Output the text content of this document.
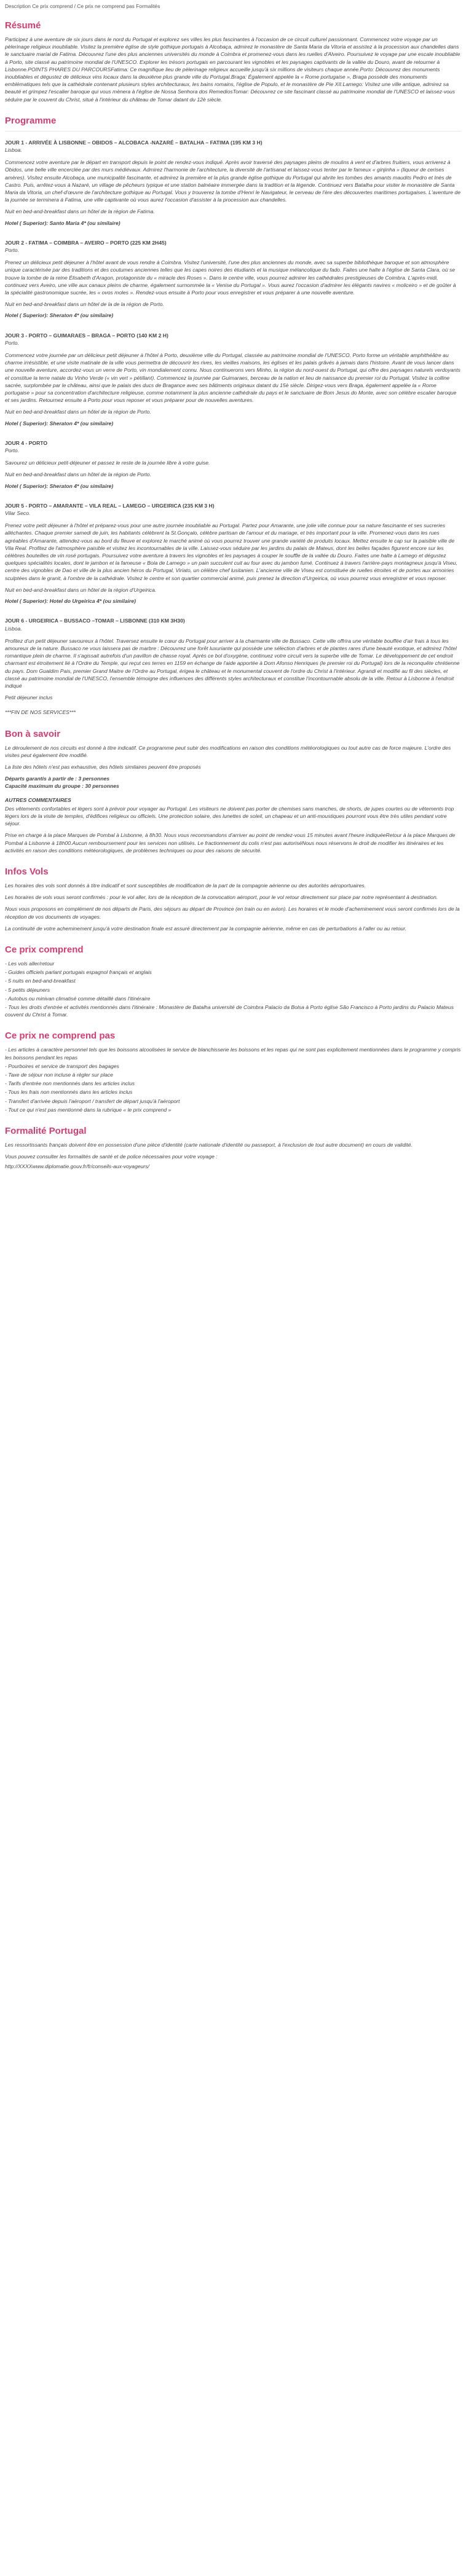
Description Ce prix comprend / Ce prix ne comprend pas Formalités
Résumé

Participez à une aventure de six jours dans le nord du Portugal et explorez ses villes les plus fascinantes à l'occasion de ce circuit culturel passionnant. Commencez votre voyage par un pèlerinage religieux inoubliable. Visitez la première église de style gothique portugais à Alcobaça, admirez le monastère de Santa Maria da Vitoria et assistez à la procession aux chandelles dans le sanctuaire marial de Fatima. Découvrez l'une des plus anciennes universités du monde à Coimbra et promenez-vous dans les ruelles d'Alveiro. Poursuivez le voyage par une escale inoubliable à Porto, site classé au patrimoine mondial de l'UNESCO. Explorer les trésors portugais en parcourant les vignobles et les paysages captivants de la vallée du Douro, avant de retourner à Lisbonne.POINTS PHARES DU PARCOURSFatima: Ce magnifique lieu de pèlerinage religieux accueille jusqu'à six millions de visiteurs chaque année.Porto: Découvrez des monuments inoubliables et dégustez de délicieux vins locaux dans la deuxième plus grande ville du Portugal.Braga: Également appelée la « Rome portugaise », Braga possède des monuments emblématiques tels que la cathédrale contenant plusieurs styles architecturaux, les bains romains, l'église de Populo, et le monastère de Pie XII.Lamego: Visitez une ville antique, admirez sa beauté et grimpez l'escalier baroque qui vous mènera à l'église de Nossa Senhora dos RemediosTomar: Découvrez ce site fascinant classé au patrimoine mondial de l'UNESCO et laissez-vous séduire par le couvent du Christ, situé à l'intérieur du château de Tomar datant du 12è siècle.

Programme

JOUR 1 - ARRIVÉE À LISBONNE – OBIDOS – ALCOBACA -NAZARÉ – BATALHA – FATIMA (195 KM 3 H)

Lisboa.

Commencez votre aventure par le départ en transport depuis le point de rendez-vous indiqué. Après avoir traversé des paysages pleins de moulins à vent et d'arbres fruitiers, vous arriverez à Obidos, une belle ville encerclée par des murs médiévaux. Admirez l'harmonie de l'architecture, la diversité de l'artisanat et laissez-vous tenter par le fameux « ginjinha » (liqueur de cerises amères). Visitez ensuite Alcobaça, une municipalité fascinante, et admirez la première et la plus grande église gothique du Portugal qui abrite les tombes des amants maudits Pedro et Inès de Castro. Puis, arrêtez-vous à Nazaré, un village de pêcheurs typique et une station balnéaire immergée dans la tradition et la légende. Continuez vers Batalha pour visiter le monastère de Santa Maria da Vitoria, un chef-d'œuvre de l'architecture gothique au Portugal. Vous y trouverez la tombe d'Henri le Navigateur, le cerveau de l'ère des découvertes maritimes portugaises. L'aventure de la journée se terminera à Fatima, une ville captivante où vous aurez l'occasion d'assister à la procession aux chandelles.

Nuit en bed-and-breakfast dans un hôtel de la région de Fatima.

Hotel ( Superior): Santo Maria 4* (ou similaire)

JOUR 2 - FATIMA – COIMBRA – AVEIRO – PORTO (225 KM 2H45)

Porto.

Prenez un délicieux petit déjeuner à l'hôtel avant de vous rendre à Coimbra. Visitez l'université, l'une des plus anciennes du monde, avec sa superbe bibliothèque baroque et son atmosphère unique caractérisée par des traditions et des coutumes anciennes telles que les capes noires des étudiants et la musique mélancolique du fado. Faites une halte à l'église de Santa Clara, où se trouve la tombe de la reine Élisabeth d'Aragon, protagoniste du « miracle des Roses ». Dans le centre ville, vous pourrez admirer les cathédrales prestigieuses de Coimbra. L'après-midi, continuez vers Aveiro, une ville aux canaux pleins de charme, également surnommée la « Venise du Portugal ». Vous aurez l'occasion d'admirer les élégants navires « moliceiro » et de goûter à la spécialité gastronomique sucrée, les « ovos moles ». Rendez-vous ensuite à Porto pour vous enregistrer et vous préparer à une nouvelle aventure.

Nuit en bed-and-breakfast dans un hôtel de la de la région de Porto.

Hotel ( Superior): Sheraton 4* (ou similaire)

JOUR 3 - PORTO – GUIMARAES – BRAGA – PORTO (140 KM 2 H)

Porto.

Commencez votre journée par un délicieux petit déjeuner à l'hôtel à Porto, deuxième ville du Portugal, classée au patrimoine mondial de l'UNESCO. Porto forme un véritable amphithéâtre au charme irrésistible, et une visite matinale de la ville vous permettra de découvrir les rives, les vieilles maisons, les églises et les palais grâvés à jamais dans l'histoire. Avant de vous lancer dans une nouvelle aventure, accordez-vous un verre de Porto, vin mondialement connu. Nous continuerons vers Minho, la région du nord-ouest du Portugal, qui offre des paysages naturels verdoyants et constitue la terre natale du Vinho Verde (« vin vert » pétillant). Commencez la journée par Guimaraes, berceau de la nation et lieu de naissance du premier roi du Portugal. Visitez la colline sacrée, surplombée par le château, ainsi que le palais des ducs de Bragance avec ses bâtiments originaux datant du 15è siècle. Dirigez-vous vers Braga, également appelée la « Rome portugaise » pour sa concentration d'architecture religieuse, comme notamment la plus ancienne cathédrale du pays et le sanctuaire de Bom Jesus do Monte, avec son célèbre escalier baroque et ses jardins. Retournez ensuite à Porto pour vous reposer et vous préparer pour de nouvelles aventures.

Nuit en bed-and-breakfast dans un hôtel de la région de Porto.

Hotel ( Superior): Sheraton 4* (ou similaire)

JOUR 4 - PORTO

Porto.

Savourez un délicieux petit-déjeuner et passez le reste de la journée libre à votre guise.

Nuit en bed-and-breakfast dans un hôtel de la région de Porto.

Hotel ( Superior): Sheraton 4* (ou similaire)

JOUR 5 - PORTO – AMARANTE – VILA REAL – LAMEGO – URGEIRICA (235 KM 3 H)

Vilar Seco.

Prenez votre petit déjeuner à l'hôtel et préparez-vous pour une autre journée inoubliable au Portugal. Partez pour Amarante, une jolie ville connue pour sa nature fascinante et ses sucreries alléchantes. Chaque premier samedi de juin, les habitants célèbrent la St.Gonçalo, célèbre partisan de l'amour et du mariage, et très important pour la ville. Promenez-vous dans les rues agréables d'Amarante, attendez-vous au bord du fleuve et explorez le marché animé où vous pourrez trouver une grande variété de produits locaux. Mettez ensuite le cap sur la paisible ville de Vila Real. Profitez de l'atmosphère paisible et visitez les incontournables de la ville. Laissez-vous séduire par les jardins du palais de Mateus, dont les belles façades figurent encore sur les célèbres bouteilles de vin rosé portugais. Poursuivez votre aventure à travers les vignobles et les paysages à couper le souffle de la vallée du Douro. Faites une halte à Lamego et dégustez quelques spécialités locales, dont le jambon et la fameuse « Bola de Lamego » un pain succulent cuit au four avec du jambon fumé. Continuez à travers l'arrière-pays montagneux jusqu'à Viseu, centre des vignobles de Dao et ville de la plus ancien héros du Portugal, Viriato, un célèbre chef lusitanien. L'ancienne ville de Viseu est constituée de ruelles étroites et de portes aux armoiries sculptées dans le granit, à l'ombre de la cathédrale. Visitez le centre et son quartier commercial animé, puis prenez la direction d'Urgeirica, où vous pourrez vous enregistrer et vous reposer.

Nuit en bed-and-breakfast dans un hôtel de la région d'Urgeirica.

Hotel ( Superior): Hotel do Urgeirica 4* (ou similaire)

JOUR 6 - URGEIRICA – BUSSACO –TOMAR – LISBONNE (310 KM 3H30)

Lisboa.

Profitez d'un petit déjeuner savoureux à l'hôtel. Traversez ensuite le cœur du Portugal pour arriver à la charmante ville de Bussaco. Cette ville offrira une véritable bouffée d'air frais à tous les amoureux de la nature. Bussaco ne vous laissera pas de marbre : Découvrez une forêt luxuriante qui possède une sélection d'arbres et de plantes rares d'une beauté exotique, et admirez l'hôtel romantique plein de charme. Il s'agissait autrefois d'un pavillon de chasse royal. Après ce bol d'oxygène, continuez votre circuit vers la superbe ville de Tomar. Le développement de cet endroit charmant est étroitement lié à l'Ordre du Temple, qui reçut ces terres en 1159 en échange de l'aide apportée à Dom Afonso Henriques (le premier roi du Portugal) lors de la reconquête chrétienne du pays. Dom Gualdim Pais, premier Grand Maitre de l'Ordre au Portugal, érigea le château et le monumental couvent de l'ordre du Christ à l'intérieur. Agrandi et modifié au fil des siècles, et classé au patrimoine mondial de l'UNESCO, l'ensemble témoigne des influences des différents styles architecturaux et constitue l'incontournable absolu de la ville. Retour à Lisbonne à l'endroit indiqué

Petit déjeuner inclus

***FIN DE NOS SERVICES***

Bon à savoir

Le déroulement de nos circuits est donné à titre indicatif. Ce programme peut subir des modifications en raison des conditions météorologiques ou tout autre cas de force majeure. L'ordre des visites peut également être modifié.

La liste des hôtels n'est pas exhaustive, des hôtels similaires peuvent être proposés

Départs garantis à partir de : 3 personnes

Capacité maximum du groupe : 30 personnes

AUTRES COMMENTAIRES

Des vêtements confortables et légers sont à prévoir pour voyager au Portugal. Les visiteurs ne doivent pas porter de chemises sans manches, de shorts, de jupes courtes ou de vêtements trop légers lors de la visite de temples, d'édifices religieux ou officiels. Une protection solaire, des lunettes de soleil, un chapeau et un anti-moustiques pourront vous être très utiles pendant votre séjour.

Prise en charge à la place Marques de Pombal à Lisbonne, à 8h30. Nous vous recommandons d'arriver au point de rendez-vous 15 minutes avant l'heure indiquéeRetour à la place Marques de Pombal à Lisbonne à 18h00.Aucun remboursement pour les services non utilisés. Le fractionnement du colis n'est pas autoriséNous nous réservons le droit de modifier les itinéraires et les activités en raison des conditions météorologiques, de problèmes techniques ou pour des raisons de sécurité.

Infos Vols

Les horaires des vols sont donnés à titre indicatif et sont susceptibles de modification de la part de la compagnie aérienne ou des autorités aéroportuaires.

Les horaires de vols vous seront confirmés : pour le vol aller, lors de la réception de la convocation aéroport, pour le vol retour directement sur place par notre représentant à destination.

Nous vous proposons en complément de nos départs de Paris, des séjours au départ de Province (en train ou en avion). Les horaires et le mode d'acheminement vous seront confirmés lors de la réception de vos documents de voyages.

La continuité de votre acheminement jusqu'à votre destination finale est assuré directement par la compagnie aérienne, même en cas de perturbations à l'aller ou au retour.

Ce prix comprend
- Les vols aller/retour
- Guides officiels parlant portugais espagnol français et anglais
- 5 nuits en bed-and-breakfast
- 5 petits déjeuners
- Autobus ou minivan climatisé comme détaillé dans l'itinéraire
- Tous les droits d'entrée et activités mentionnés dans l'itinéraire : Monastère de Batalha université de Coimbra Palacio da Bolsa à Porto église São Francisco à Porto jardins du Palacio Mateus couvent du Christ à Tomar.
Ce prix ne comprend pas
- Les articles à caractère personnel tels que les boissons alcoolisées le service de blanchisserie les boissons et les repas qui ne sont pas explicitement mentionnées dans le programme y compris les boissons pendant les repas
- Pourboires et service de transport des bagages
- Taxe de séjour non incluse à régler sur place
- Tarifs d'entrée non mentionnés dans les articles inclus
- Tous les frais non mentionnés dans les articles inclus
- Transfert d'arrivée depuis l'aéroport / transfert de départ jusqu'à l'aéroport
- Tout ce qui n'est pas mentionné dans la rubrique « le prix comprend »
Formalité Portugal

Les ressortissants français doivent être en possession d'une pièce d'identité (carte nationale d'identité ou passeport, à l'exclusion de tout autre document) en cours de validité.

Vous pouvez consulter les formalités de santé et de police nécessaires pour votre voyage :

http://XXXXwww.diplomatie.gouv.fr/fr/conseils-aux-voyageurs/
